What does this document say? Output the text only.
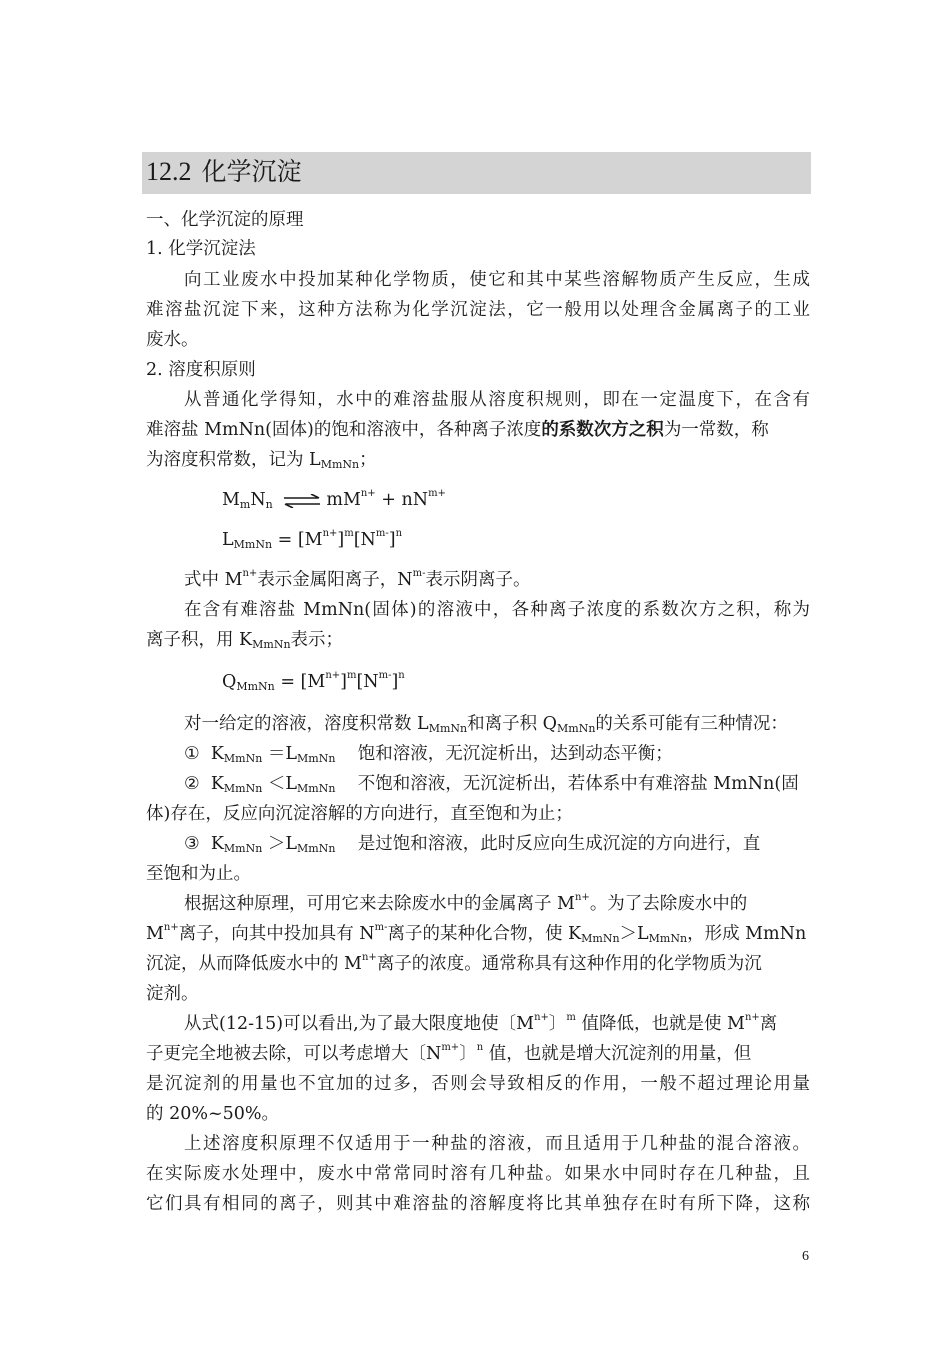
12.2 化学沉淀
一、化学沉淀的原理
1. 化学沉淀法
向工业废水中投加某种化学物质，使它和其中某些溶解物质产生反应，生成
难溶盐沉淀下来，这种方法称为化学沉淀法，它一般用以处理含金属离子的工业
废水。
2. 溶度积原则
从普通化学得知，水中的难溶盐服从溶度积规则，即在一定温度下，在含有
难溶盐 MmNn(固体)的饱和溶液中，各种离子浓度的系数次方之积为一常数，称
为溶度积常数，记为 $L_{MmNn}$；
$M_mN_n$ ⇌ $mM^{n+} + nN^{m+}$
$L_{MmNn} = [M^{n+}]^m[N^{m-}]^n$
式中 $M^{n+}$表示金属阳离子，$N^{m-}$表示阴离子。
在含有难溶盐 MmNn(固体)的溶液中，各种离子浓度的系数次方之积，称为
离子积，用 $K_{MmNn}$表示；
$Q_{MmNn} = [M^{n+}]^m[N^{m-}]^n$
对一给定的溶液，溶度积常数 $L_{MmNn}$和离子积 $Q_{MmNn}$的关系可能有三种情况：
① $K_{MmNn} =L_{MmNn}$ 饱和溶液，无沉淀析出，达到动态平衡；
② $K_{MmNn} <L_{MmNn}$ 不饱和溶液，无沉淀析出，若体系中有难溶盐 MmNn(固
体)存在，反应向沉淀溶解的方向进行，直至饱和为止；
③ $K_{MmNn} >L_{MmNn}$ 是过饱和溶液，此时反应向生成沉淀的方向进行，直
至饱和为止。
根据这种原理，可用它来去除废水中的金属离子 $M^{n+}$。为了去除废水中的
$M^{n+}$离子，向其中投加具有 $N^{m-}$离子的某种化合物，使 $K_{MmNn}>L_{MmNn}$，形成 MmNn
沉淀，从而降低废水中的 $M^{n+}$离子的浓度。通常称具有这种作用的化学物质为沉
淀剂。
从式(12-15)可以看出,为了最大限度地使〔$M^{n+}$〕$^m$ 值降低，也就是使 $M^{n+}$离
子更完全地被去除，可以考虑增大〔$N^{m+}$〕$^n$ 值，也就是增大沉淀剂的用量，但
是沉淀剂的用量也不宜加的过多，否则会导致相反的作用，一般不超过理论用量
的 20%~50%。
上述溶度积原理不仅适用于一种盐的溶液，而且适用于几种盐的混合溶液。
在实际废水处理中，废水中常常同时溶有几种盐。如果水中同时存在几种盐，且
它们具有相同的离子，则其中难溶盐的溶解度将比其单独存在时有所下降，这称
6
